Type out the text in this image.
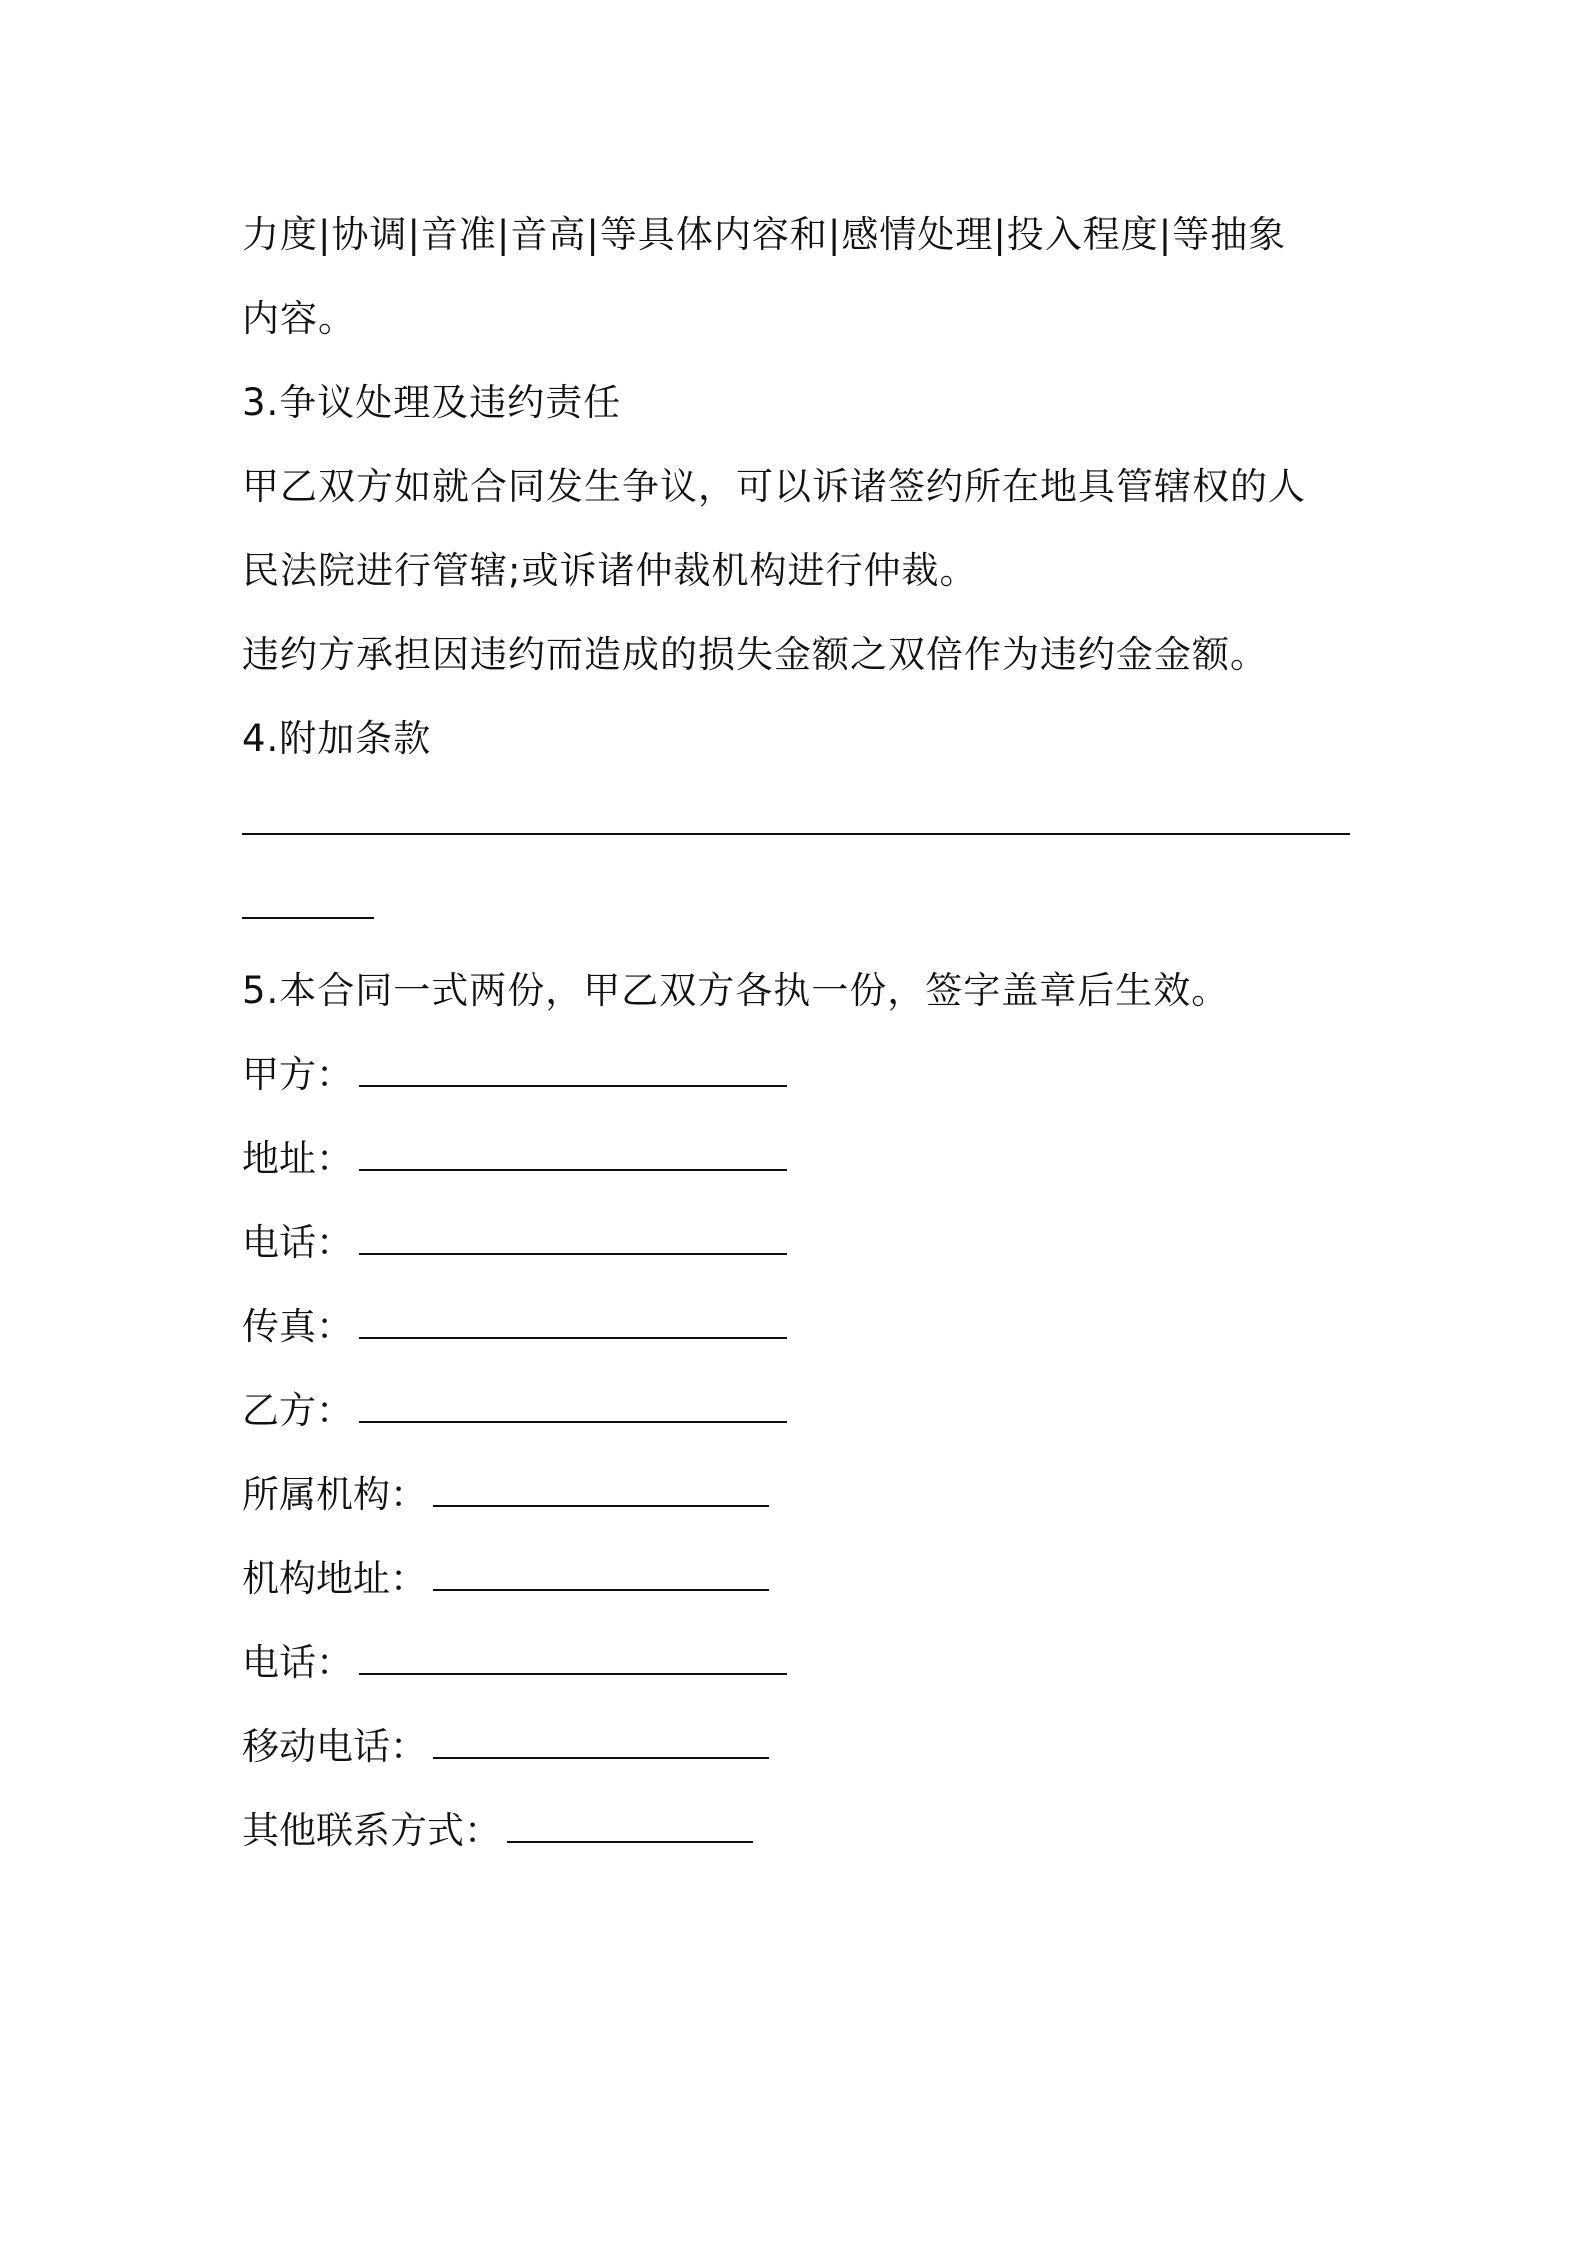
力度|协调|音准|音高|等具体内容和|感情处理|投入程度|等抽象
内容。
3.争议处理及违约责任
甲乙双方如就合同发生争议，可以诉诸签约所在地具管辖权的人
民法院进行管辖;或诉诸仲裁机构进行仲裁。
违约方承担因违约而造成的损失金额之双倍作为违约金金额。
4.附加条款
5.本合同一式两份，甲乙双方各执一份，签字盖章后生效。
甲方：
地址：
电话：
传真：
乙方：
所属机构：
机构地址：
电话：
移动电话：
其他联系方式：
